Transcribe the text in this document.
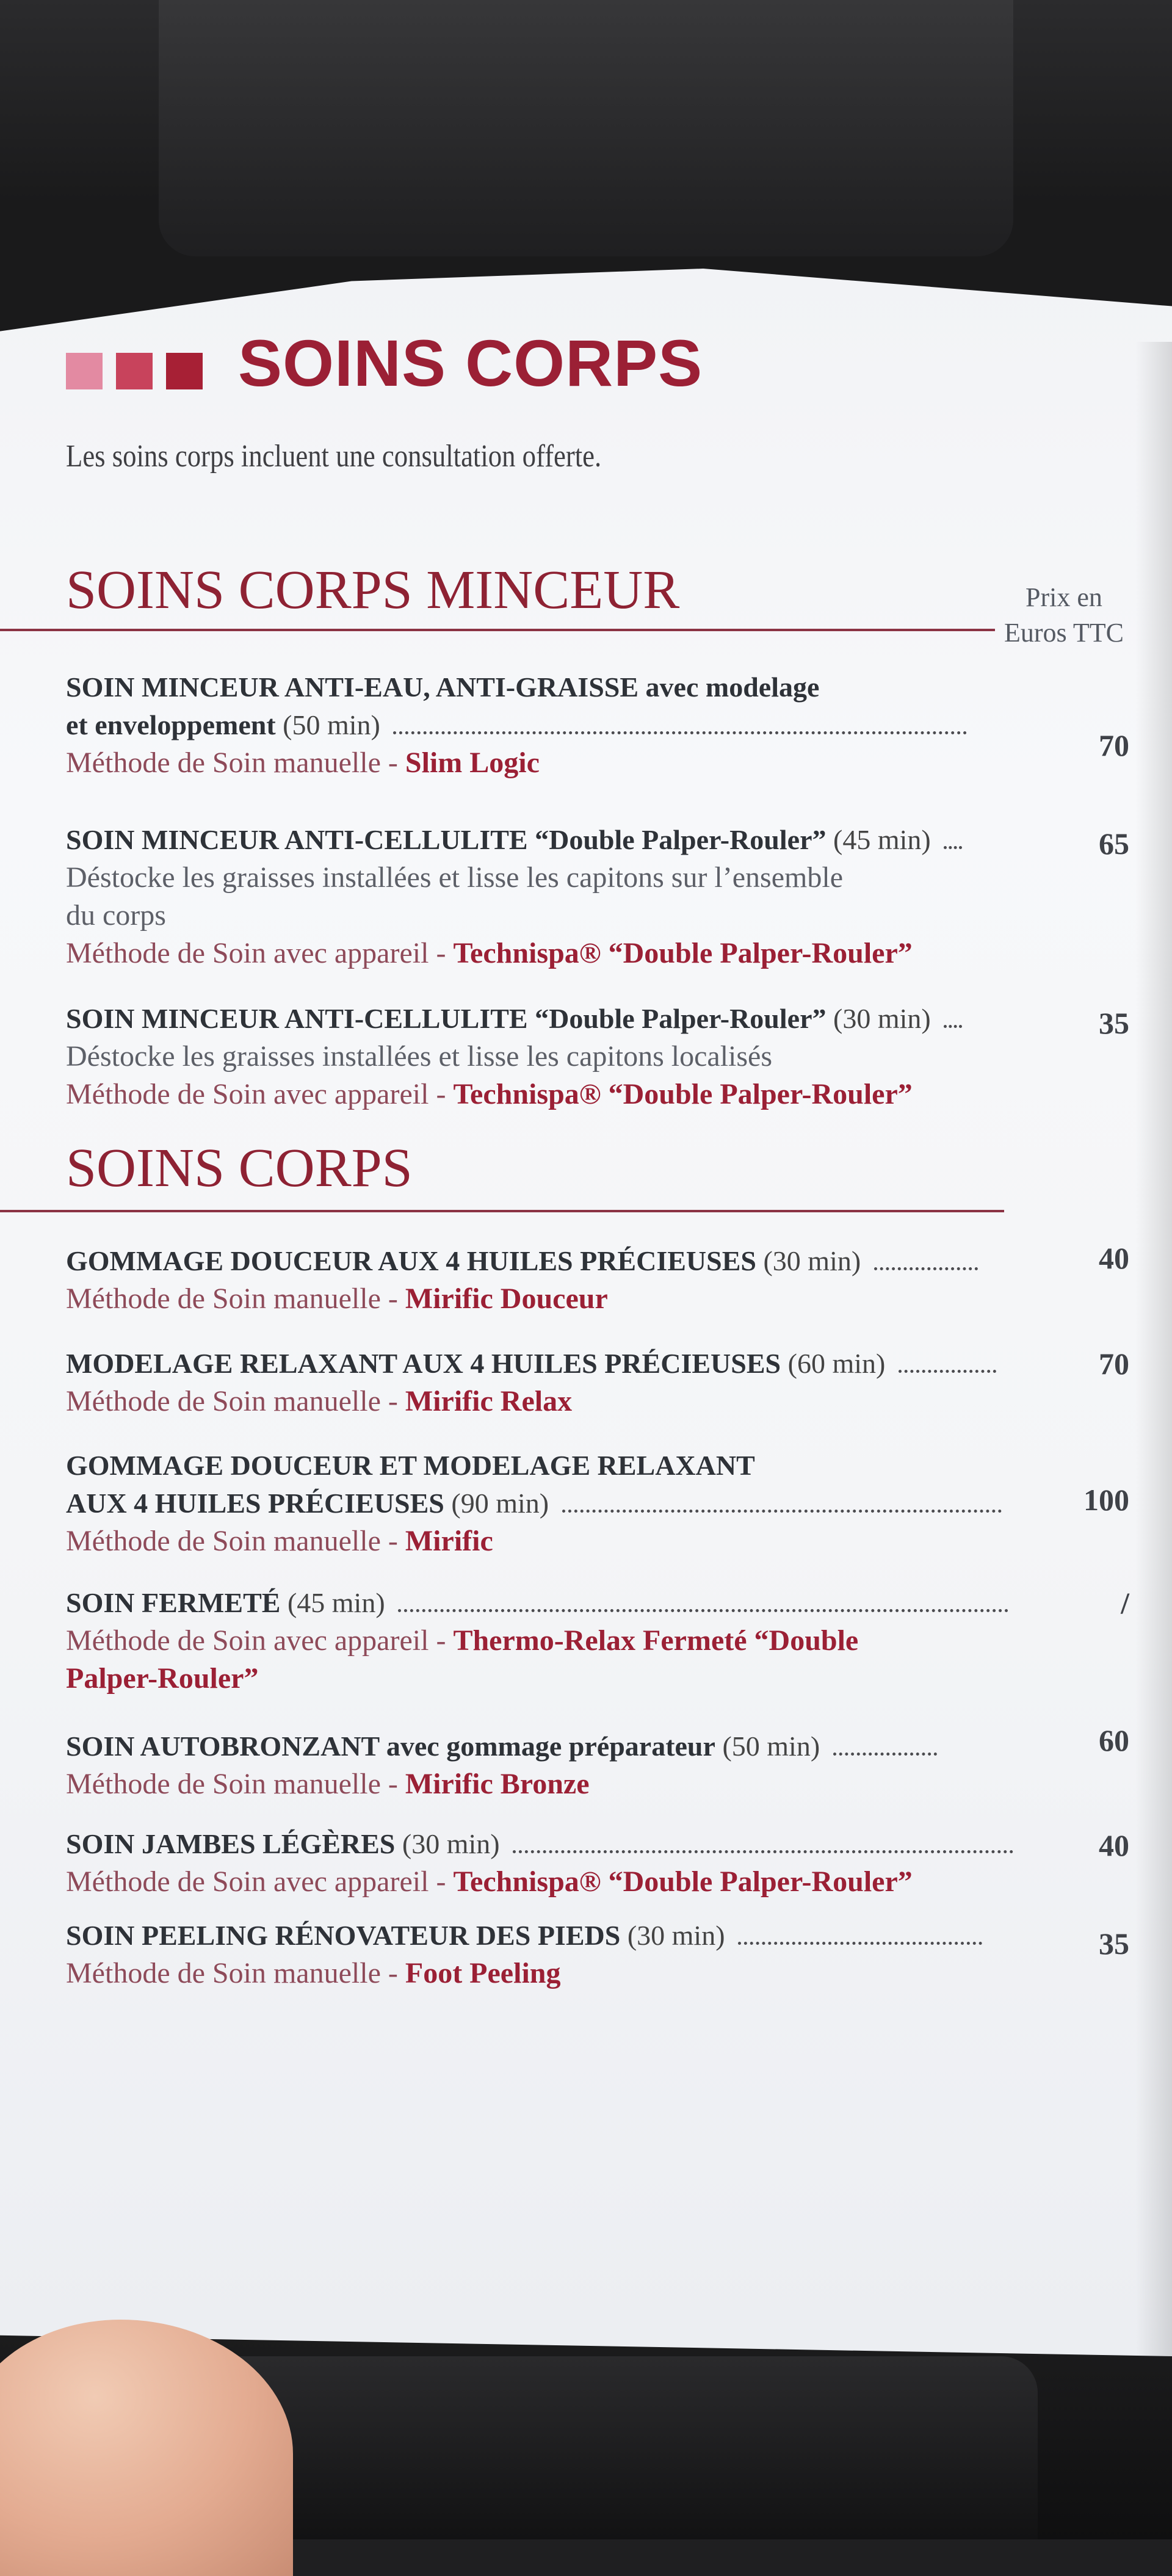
SOINS CORPS
Les soins corps incluent une consultation offerte.
SOINS CORPS MINCEUR	Prix en
Euros TTC
SOIN MINCEUR ANTI-EAU, ANTI-GRAISSE avec modelage
et enveloppement (50 min)
Méthode de Soin manuelle - Slim Logic
70
SOIN MINCEUR ANTI-CELLULITE “Double Palper-Rouler” (45 min)
Déstocke les graisses installées et lisse les capitons sur l’ensemble
du corps
Méthode de Soin avec appareil - Technispa® “Double Palper-Rouler”
65
SOIN MINCEUR ANTI-CELLULITE “Double Palper-Rouler” (30 min)
Déstocke les graisses installées et lisse les capitons localisés
Méthode de Soin avec appareil - Technispa® “Double Palper-Rouler”
35
SOINS CORPS
GOMMAGE DOUCEUR AUX 4 HUILES PRÉCIEUSES (30 min)
Méthode de Soin manuelle - Mirific Douceur
40
MODELAGE RELAXANT AUX 4 HUILES PRÉCIEUSES (60 min)
Méthode de Soin manuelle - Mirific Relax
70
GOMMAGE DOUCEUR ET MODELAGE RELAXANT
AUX 4 HUILES PRÉCIEUSES (90 min)
Méthode de Soin manuelle - Mirific
100
SOIN FERMETÉ (45 min)
Méthode de Soin avec appareil - Thermo-Relax Fermeté “Double
Palper-Rouler”
/
SOIN AUTOBRONZANT avec gommage préparateur (50 min)
Méthode de Soin manuelle - Mirific Bronze
60
SOIN JAMBES LÉGÈRES (30 min)
Méthode de Soin avec appareil - Technispa® “Double Palper-Rouler”
40
SOIN PEELING RÉNOVATEUR DES PIEDS (30 min)
Méthode de Soin manuelle - Foot Peeling
35
